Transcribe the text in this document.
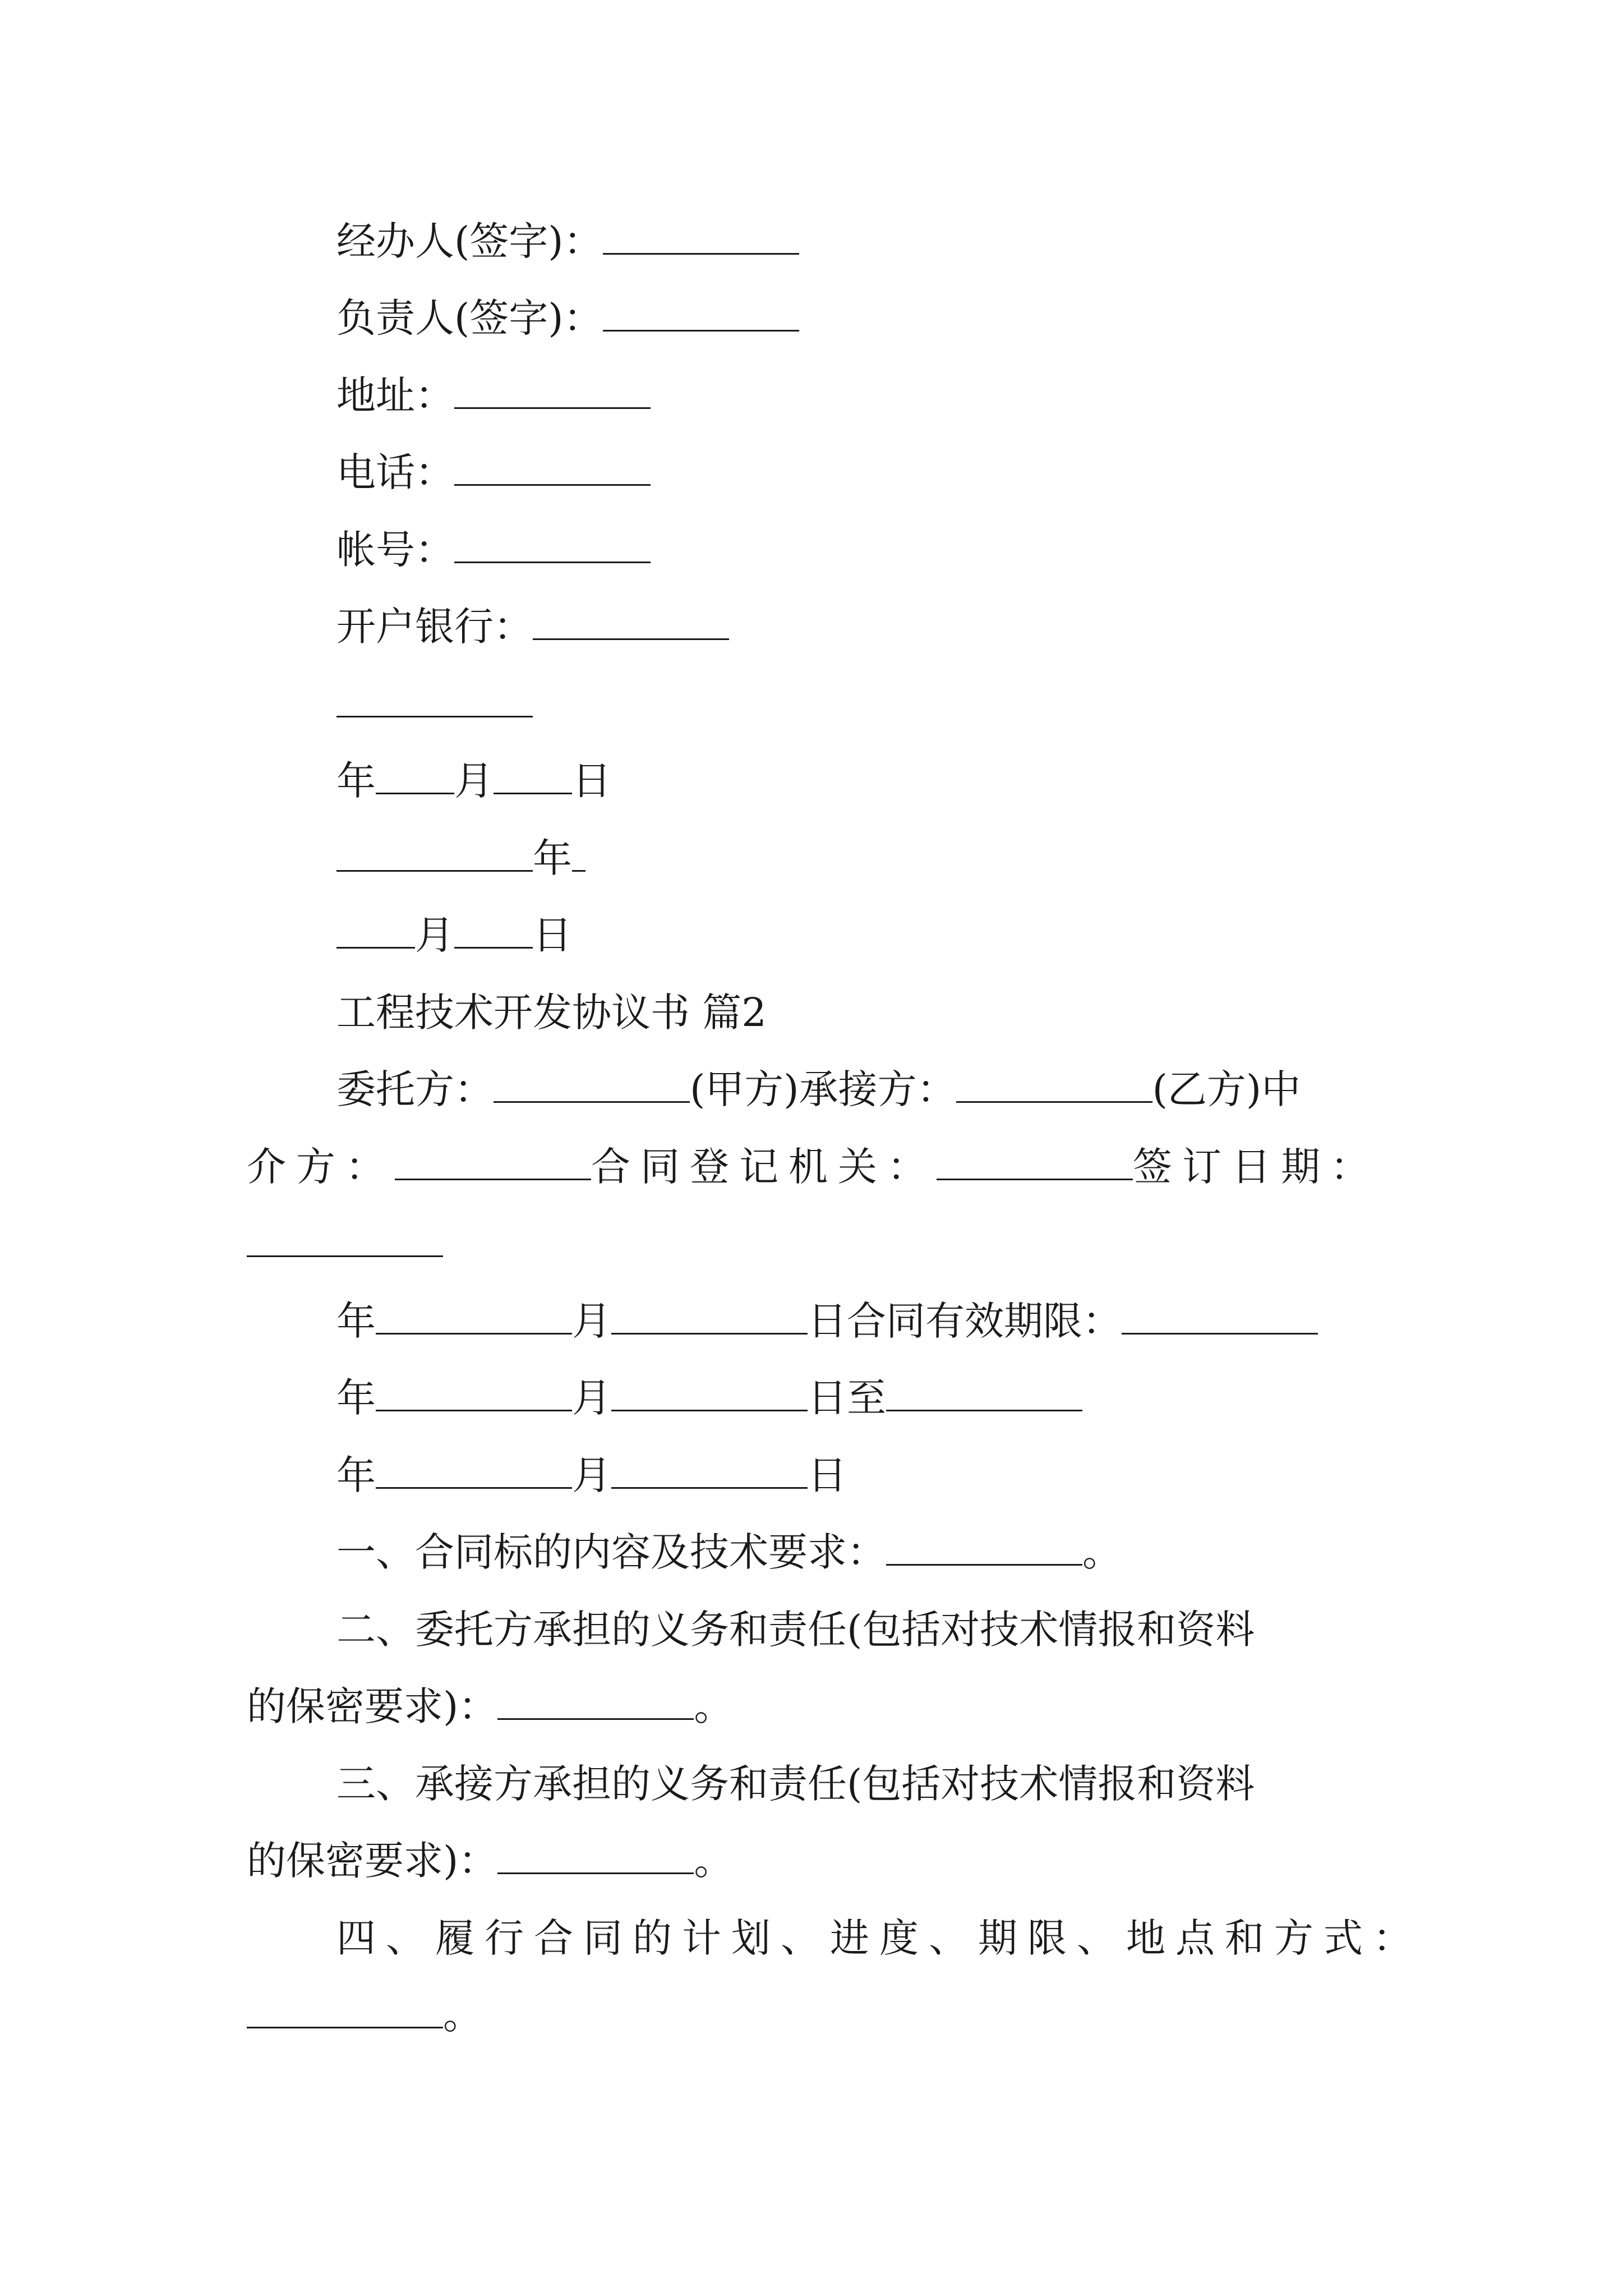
经办人(签字)：
负责人(签字)：
地址：
电话：
帐号：
开户银行：
年 月 日
年
月 日
工程技术开发协议书 篇2
委托方：	(甲方)承接方：	(乙方)中
介方：	合同登记机关：	签订日期：
年	月	日合同有效期限：
年	月	日至
年	月	日
一、合同标的内容及技术要求：	。
二、委托方承担的义务和责任(包括对技术情报和资料
的保密要求)：	。
三、承接方承担的义务和责任(包括对技术情报和资料
的保密要求)：	。
四、履行合同的计划、进度、期限、地点和方式：
。
